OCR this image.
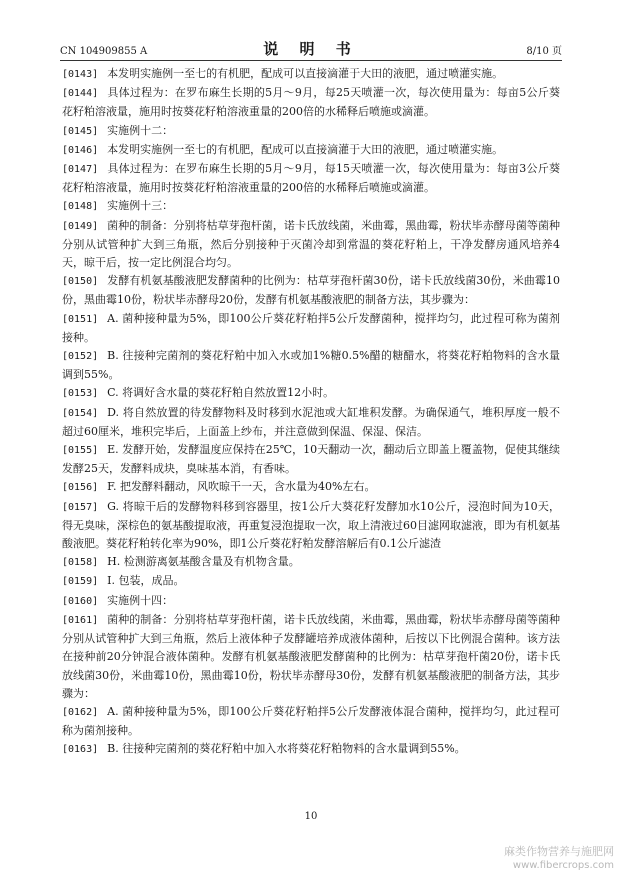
CN 104909855 A	说 明 书	8/10 页

[0143] 本发明实施例一至七的有机肥，配成可以直接滴灌于大田的液肥，通过喷灌实施。

[0144] 具体过程为：在罗布麻生长期的5月～9月，每25天喷灌一次，每次使用量为：每亩5公斤葵花籽粕溶液量，施用时按葵花籽粕溶液重量的200倍的水稀释后喷施或滴灌。

[0145] 实施例十二：

[0146] 本发明实施例一至七的有机肥，配成可以直接滴灌于大田的液肥，通过喷灌实施。

[0147] 具体过程为：在罗布麻生长期的5月～9月，每15天喷灌一次，每次使用量为：每亩3公斤葵花籽粕溶液量，施用时按葵花籽粕溶液重量的200倍的水稀释后喷施或滴灌。

[0148] 实施例十三：

[0149] 菌种的制备：分别将枯草芽孢杆菌，诺卡氏放线菌，米曲霉，黑曲霉，粉状毕赤酵母菌等菌种分别从试管种扩大到三角瓶，然后分别接种于灭菌冷却到常温的葵花籽粕上，干净发酵房通风培养4天，晾干后，按一定比例混合均匀。

[0150] 发酵有机氨基酸液肥发酵菌种的比例为：枯草芽孢杆菌30份，诺卡氏放线菌30份，米曲霉10份，黑曲霉10份，粉状毕赤酵母20份，发酵有机氨基酸液肥的制备方法，其步骤为：

[0151] A. 菌种接种量为5%，即100公斤葵花籽粕拌5公斤发酵菌种，搅拌均匀，此过程可称为菌剂接种。

[0152] B. 往接种完菌剂的葵花籽粕中加入水或加1%糖0.5%醋的糖醋水，将葵花籽粕物料的含水量调到55%。

[0153] C. 将调好含水量的葵花籽粕自然放置12小时。

[0154] D. 将自然放置的待发酵物料及时移到水泥池或大缸堆积发酵。为确保通气，堆积厚度一般不超过60厘米，堆积完毕后，上面盖上纱布，并注意做到保温、保湿、保洁。

[0155] E. 发酵开始，发酵温度应保持在25℃，10天翻动一次，翻动后立即盖上覆盖物，促使其继续发酵25天，发酵料成块，臭味基本消，有香味。

[0156] F. 把发酵料翻动，风吹晾干一天，含水量为40%左右。

[0157] G. 将晾干后的发酵物料移到容器里，按1公斤大葵花籽发酵加水10公斤，浸泡时间为10天，得无臭味，深棕色的氨基酸提取液，再重复浸泡提取一次，取上清液过60目滤网取滤液，即为有机氨基酸液肥。葵花籽粕转化率为90%，即1公斤葵花籽粕发酵溶解后有0.1公斤滤渣

[0158] H. 检测游离氨基酸含量及有机物含量。

[0159] I. 包装，成品。

[0160] 实施例十四：

[0161] 菌种的制备：分别将枯草芽孢杆菌，诺卡氏放线菌，米曲霉，黑曲霉，粉状毕赤酵母菌等菌种分别从试管种扩大到三角瓶，然后上液体种子发酵罐培养成液体菌种，后按以下比例混合菌种。该方法在接种前20分钟混合液体菌种。发酵有机氨基酸液肥发酵菌种的比例为：枯草芽孢杆菌20份，诺卡氏放线菌30份，米曲霉10份，黑曲霉10份，粉状毕赤酵母30份，发酵有机氨基酸液肥的制备方法，其步骤为：

[0162] A. 菌种接种量为5%，即100公斤葵花籽粕拌5公斤发酵液体混合菌种，搅拌均匀，此过程可称为菌剂接种。

[0163] B. 往接种完菌剂的葵花籽粕中加入水将葵花籽粕物料的含水量调到55%。

10
麻类作物营养与施肥网
www.fibercrops.com
